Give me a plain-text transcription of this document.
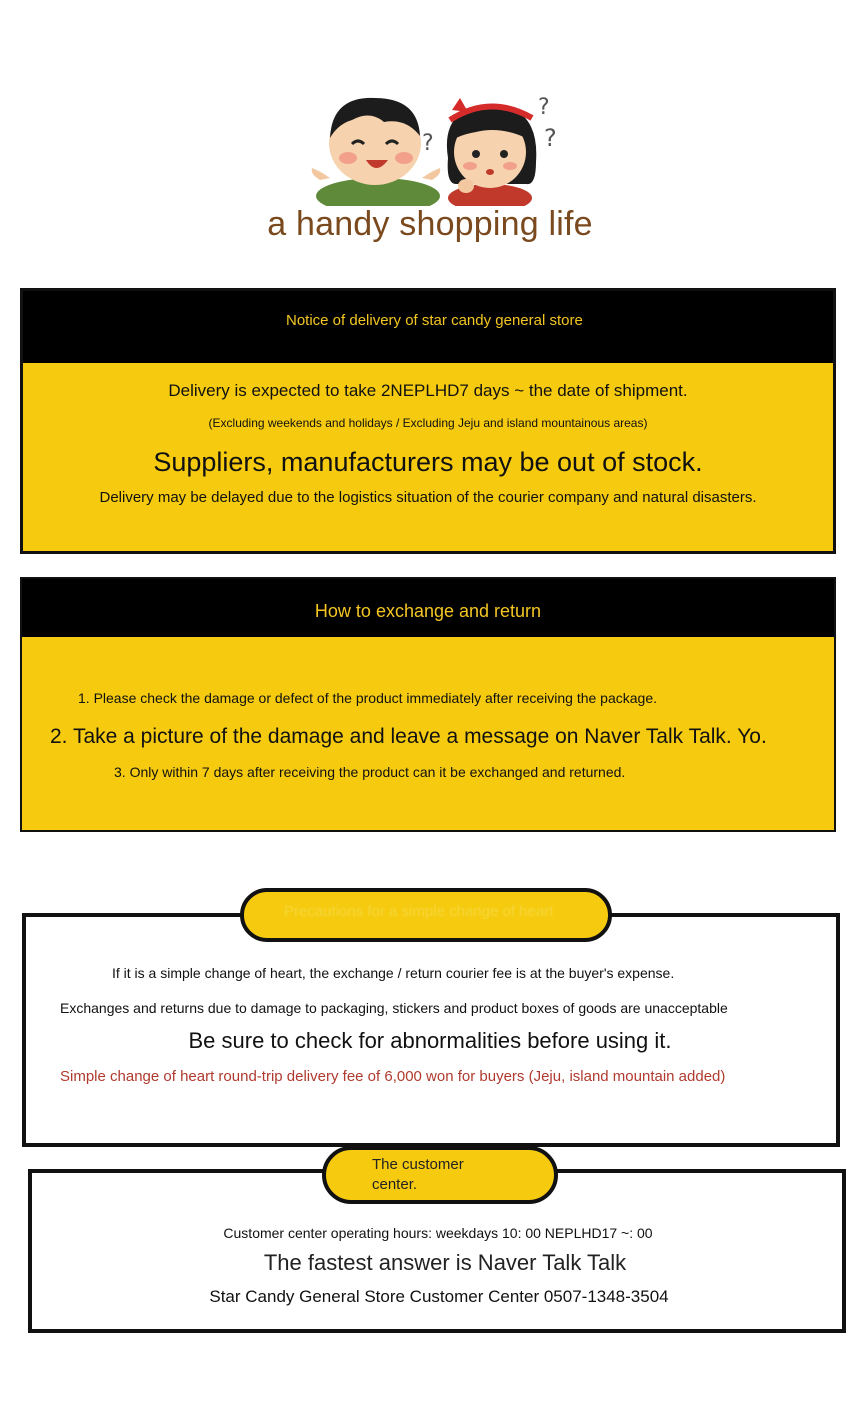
?
?
?
a handy shopping life
Notice of delivery of star candy general store
Delivery is expected to take 2NEPLHD7 days ~ the date of shipment.
(Excluding weekends and holidays / Excluding Jeju and island mountainous areas)
Suppliers, manufacturers may be out of stock.
Delivery may be delayed due to the logistics situation of the courier company and natural disasters.
How to exchange and return
1. Please check the damage or defect of the product immediately after receiving the package.
2. Take a picture of the damage and leave a message on Naver Talk Talk. Yo.
3. Only within 7 days after receiving the product can it be exchanged and returned.
Precautions for a simple change of heart
If it is a simple change of heart, the exchange / return courier fee is at the buyer's expense.
Exchanges and returns due to damage to packaging, stickers and product boxes of goods are unacceptable
Be sure to check for abnormalities before using it.
Simple change of heart round-trip delivery fee of 6,000 won for buyers (Jeju, island mountain added)
The customer center.
Customer center operating hours: weekdays 10: 00 NEPLHD17 ~: 00
The fastest answer is Naver Talk Talk
Star Candy General Store Customer Center 0507-1348-3504
